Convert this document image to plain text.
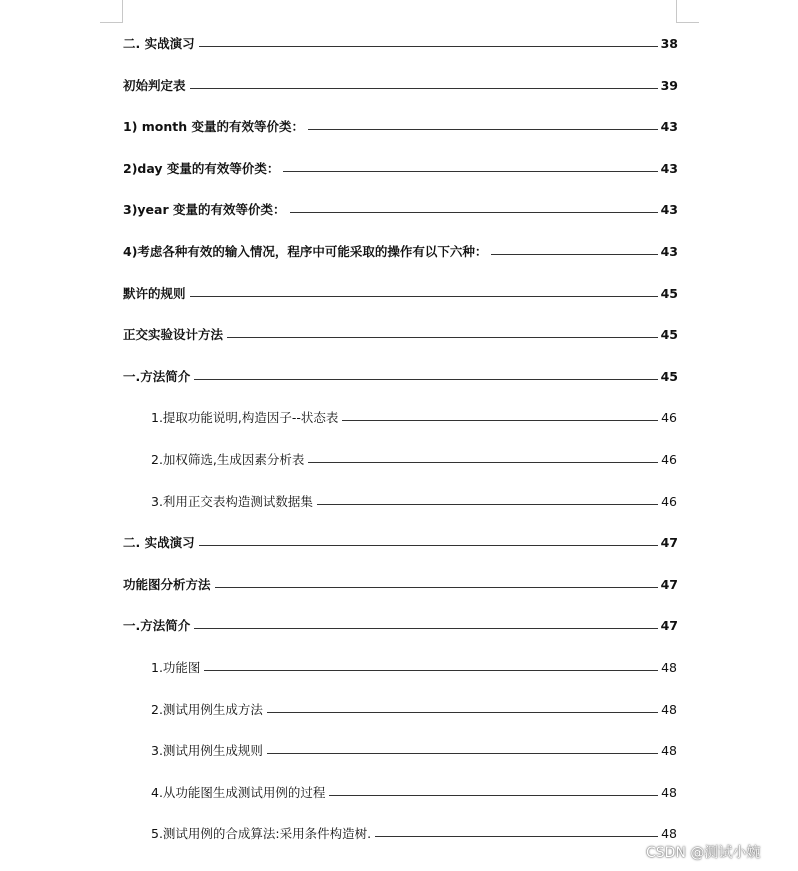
二. 实战演习	38
初始判定表	39
1) month 变量的有效等价类：	43
2)day 变量的有效等价类：	43
3)year 变量的有效等价类：	43
4)考虑各种有效的输入情况，程序中可能采取的操作有以下六种：	43
默许的规则	45
正交实验设计方法	45
一.方法简介	45
1.提取功能说明,构造因子--状态表	46
2.加权筛选,生成因素分析表	46
3.利用正交表构造测试数据集	46
二. 实战演习	47
功能图分析方法	47
一.方法简介	47
1.功能图	48
2.测试用例生成方法	48
3.测试用例生成规则	48
4.从功能图生成测试用例的过程	48
5.测试用例的合成算法:采用条件构造树.	48
CSDN @测试小婉
